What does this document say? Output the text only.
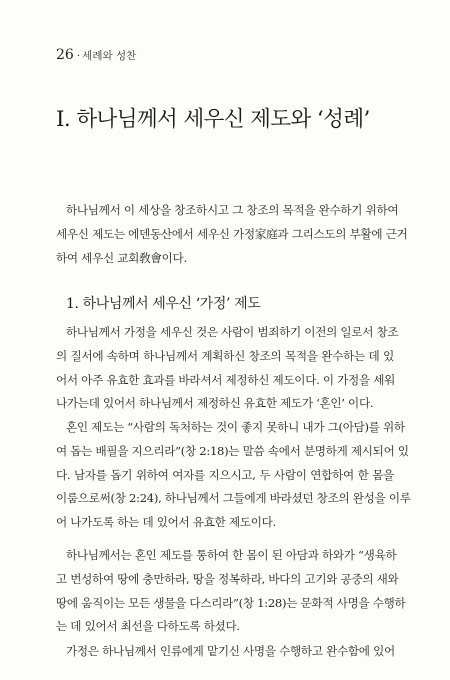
26 · 세례와 성찬
I. 하나님께서 세우신 제도와 ‘성례’
하나님께서 이 세상을 창조하시고 그 창조의 목적을 완수하기 위하여
세우신 제도는 에덴동산에서 세우신 가정家庭과 그리스도의 부활에 근거
하여 세우신 교회敎會이다.
1. 하나님께서 세우신 ‘가정’ 제도
하나님께서 가정을 세우신 것은 사람이 범죄하기 이전의 일로서 창조
의 질서에 속하며 하나님께서 계획하신 창조의 목적을 완수하는 데 있
어서 아주 유효한 효과를 바라셔서 제정하신 제도이다. 이 가정을 세워
나가는데 있어서 하나님께서 제정하신 유효한 제도가 ‘혼인’ 이다.
혼인 제도는 “사람의 독처하는 것이 좋지 못하니 내가 그(아담)를 위하
여 돕는 배필을 지으리라”(창 2:18)는 말씀 속에서 분명하게 제시되어 있
다. 남자를 돕기 위하여 여자를 지으시고, 두 사람이 연합하여 한 몸을
이룸으로써(창 2:24), 하나님께서 그들에게 바라셨던 창조의 완성을 이루
어 나가도록 하는 데 있어서 유효한 제도이다.
하나님께서는 혼인 제도를 통하여 한 몸이 된 아담과 하와가 “생육하
고 번성하여 땅에 충만하라, 땅을 정복하라, 바다의 고기와 공중의 새와
땅에 움직이는 모든 생물을 다스리라”(창 1:28)는 문화적 사명을 수행하
는 데 있어서 최선을 다하도록 하셨다.
가정은 하나님께서 인류에게 맡기신 사명을 수행하고 완수함에 있어
